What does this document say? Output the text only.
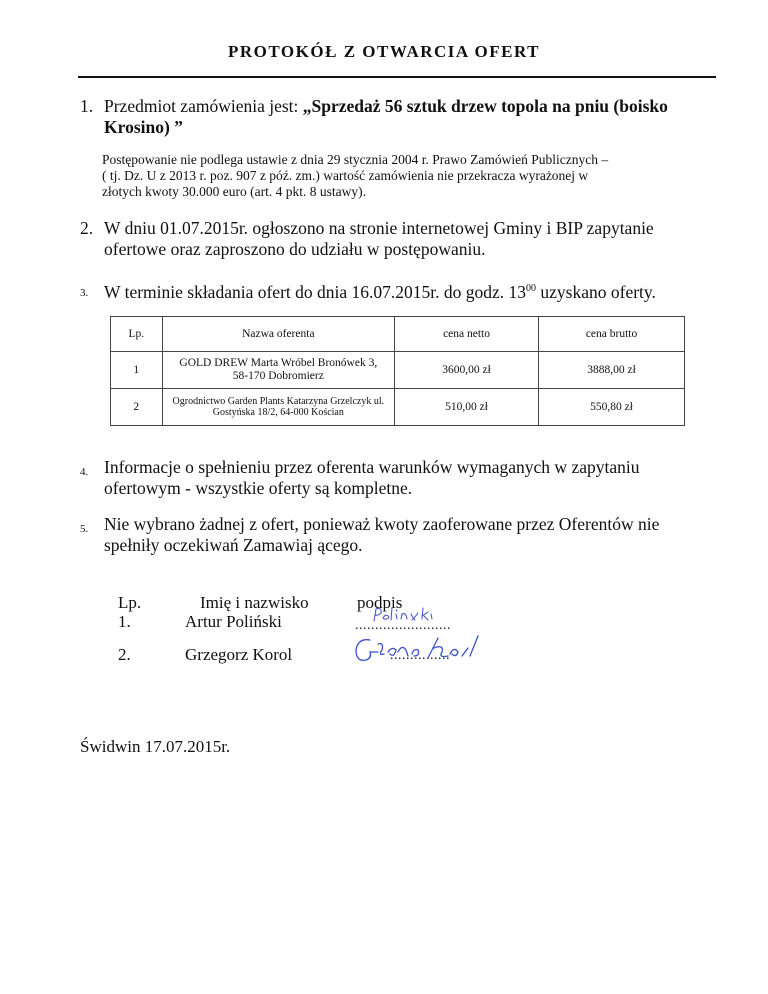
PROTOKÓŁ Z OTWARCIA OFERT
1. Przedmiot zamówienia jest: „Sprzedaż 56 sztuk drzew topola na pniu (boisko Krosino) ”

Postępowanie nie podlega ustawie z dnia 29 stycznia 2004 r. Prawo Zamówień Publicznych –

( tj. Dz. U z 2013 r. poz. 907 z póź. zm.) wartość zamówienia nie przekracza wyrażonej w

złotych kwoty 30.000 euro (art. 4 pkt. 8 ustawy).

2. W dniu 01.07.2015r. ogłoszono na stronie internetowej Gminy i BIP zapytanie ofertowe oraz zaproszono do udziału w postępowaniu.
3. W terminie składania ofert do dnia 16.07.2015r. do godz. $13^{00}$ uzyskano oferty.
Lp.	Nazwa oferenta	cena netto	cena brutto
1	GOLD DREW Marta Wróbel Bronówek 3,
58-170 Dobromierz	3600,00 zł	3888,00 zł
2	Ogrodnictwo Garden Plants Katarzyna Grzelczyk ul.
Gostyńska 18/2, 64-000 Kościan	510,00 zł	550,80 zł
4. Informacje o spełnieniu przez oferenta warunków wymaganych w zapytaniu ofertowym - wszystkie oferty są kompletne.
5. Nie wybrano żadnej z ofert, ponieważ kwoty zaoferowane przez Oferentów nie spełniły oczekiwań Zamawiaj ącego.
Lp.	Imię i nazwisko	podpis
1.	Artur Poliński	........................
2.	Grzegorz Korol	...............
Świdwin 17.07.2015r.
